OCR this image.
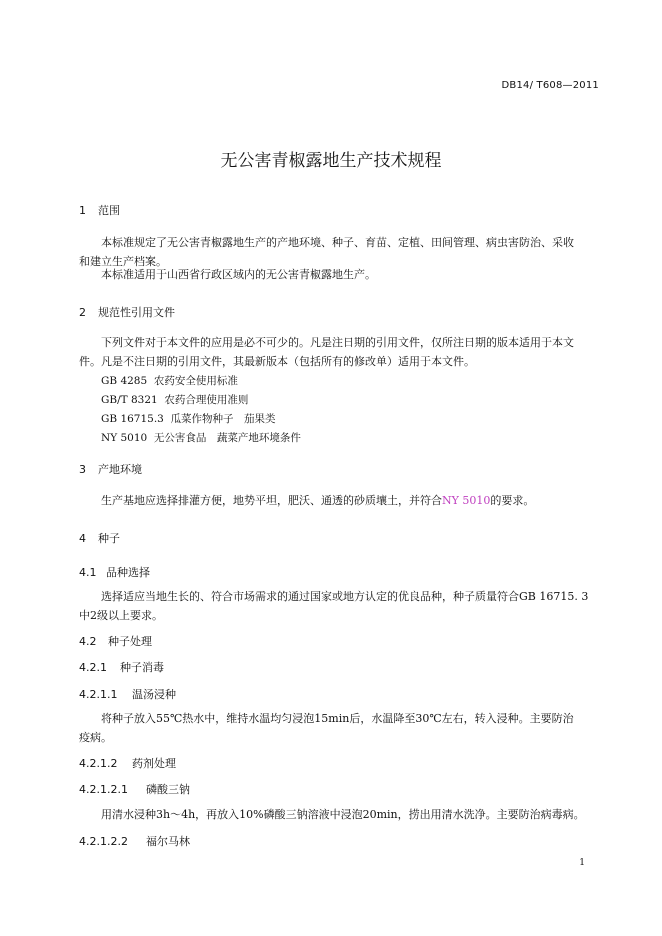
DB14/ T608—2011
无公害青椒露地生产技术规程
1 范围
本标准规定了无公害青椒露地生产的产地环境、种子、育苗、定植、田间管理、病虫害防治、采收
和建立生产档案。
本标准适用于山西省行政区域内的无公害青椒露地生产。
2 规范性引用文件
下列文件对于本文件的应用是必不可少的。凡是注日期的引用文件，仅所注日期的版本适用于本文
件。凡是不注日期的引用文件，其最新版本（包括所有的修改单）适用于本文件。
GB 4285 农药安全使用标准
GB/T 8321 农药合理使用准则
GB 16715.3 瓜菜作物种子　茄果类
NY 5010 无公害食品　蔬菜产地环境条件
3 产地环境
生产基地应选择排灌方便，地势平坦，肥沃、通透的砂质壤土，并符合NY 5010的要求。
4 种子
4.1 品种选择
选择适应当地生长的、符合市场需求的通过国家或地方认定的优良品种，种子质量符合GB 16715. 3
中2级以上要求。
4.2 种子处理
4.2.1 种子消毒
4.2.1.1 温汤浸种
将种子放入55℃热水中，维持水温均匀浸泡15min后，水温降至30℃左右，转入浸种。主要防治
疫病。
4.2.1.2 药剂处理
4.2.1.2.1 磷酸三钠
用清水浸种3h～4h，再放入10%磷酸三钠溶液中浸泡20min，捞出用清水洗净。主要防治病毒病。
4.2.1.2.2 福尔马林
1
